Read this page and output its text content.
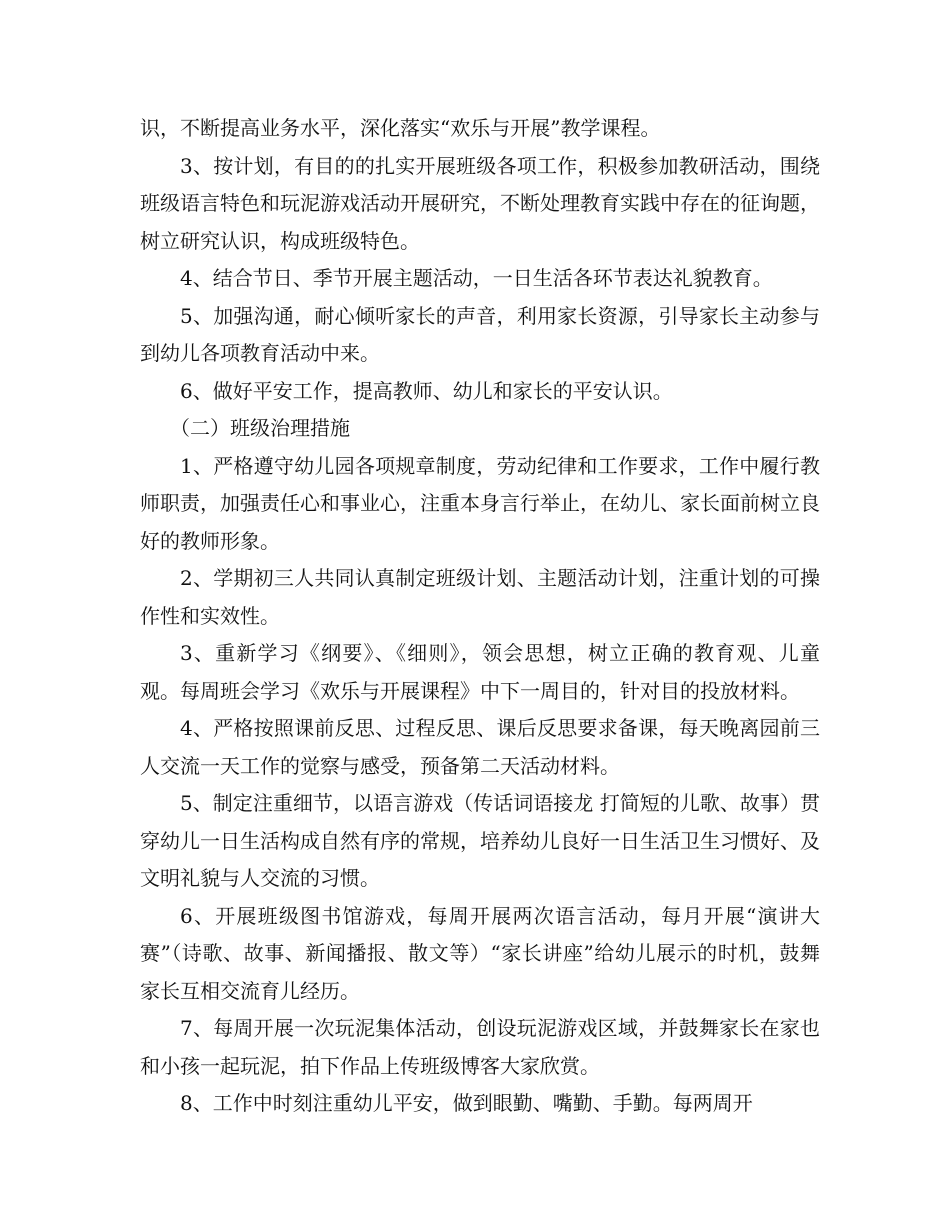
识，不断提高业务水平，深化落实“欢乐与开展”教学课程。

3、按计划，有目的的扎实开展班级各项工作，积极参加教研活动，围绕班级语言特色和玩泥游戏活动开展研究，不断处理教育实践中存在的征询题，树立研究认识，构成班级特色。

4、结合节日、季节开展主题活动，一日生活各环节表达礼貌教育。

5、加强沟通，耐心倾听家长的声音，利用家长资源，引导家长主动参与到幼儿各项教育活动中来。

6、做好平安工作，提高教师、幼儿和家长的平安认识。

（二）班级治理措施

1、严格遵守幼儿园各项规章制度，劳动纪律和工作要求，工作中履行教师职责，加强责任心和事业心，注重本身言行举止，在幼儿、家长面前树立良好的教师形象。

2、学期初三人共同认真制定班级计划、主题活动计划，注重计划的可操作性和实效性。

3、重新学习《纲要》、《细则》，领会思想，树立正确的教育观、儿童观。每周班会学习《欢乐与开展课程》中下一周目的，针对目的投放材料。

4、严格按照课前反思、过程反思、课后反思要求备课，每天晚离园前三人交流一天工作的觉察与感受，预备第二天活动材料。

5、制定注重细节，以语言游戏（传话词语接龙 打简短的儿歌、故事）贯穿幼儿一日生活构成自然有序的常规，培养幼儿良好一日生活卫生习惯好、及文明礼貌与人交流的习惯。

6、开展班级图书馆游戏，每周开展两次语言活动，每月开展“演讲大赛”（诗歌、故事、新闻播报、散文等）“家长讲座”给幼儿展示的时机，鼓舞家长互相交流育儿经历。

7、每周开展一次玩泥集体活动，创设玩泥游戏区域，并鼓舞家长在家也和小孩一起玩泥，拍下作品上传班级博客大家欣赏。

8、工作中时刻注重幼儿平安，做到眼勤、嘴勤、手勤。每两周开
